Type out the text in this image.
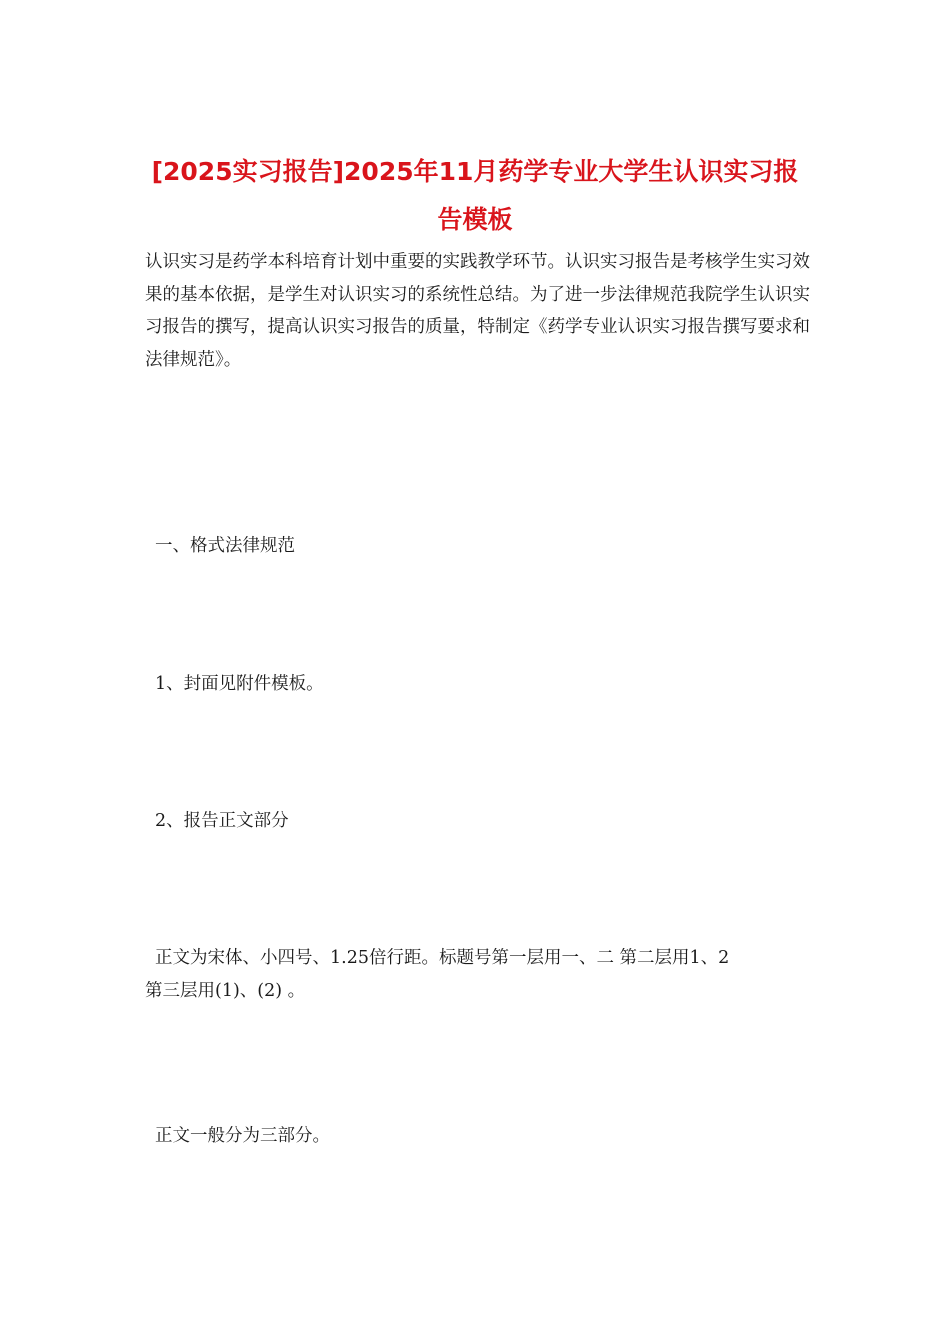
[2025实习报告]2025年11月药学专业大学生认识实习报告模板

认识实习是药学本科培育计划中重要的实践教学环节。认识实习报告是考核学生实习效果的基本依据，是学生对认识实习的系统性总结。为了进一步法律规范我院学生认识实习报告的撰写，提高认识实习报告的质量，特制定《药学专业认识实习报告撰写要求和法律规范》。

一、格式法律规范

1、封面见附件模板。

2、报告正文部分

正文为宋体、小四号、1.25倍行距。标题号第一层用一、二 第二层用1、2

第三层用(1)、(2) 。

正文一般分为三部分。
